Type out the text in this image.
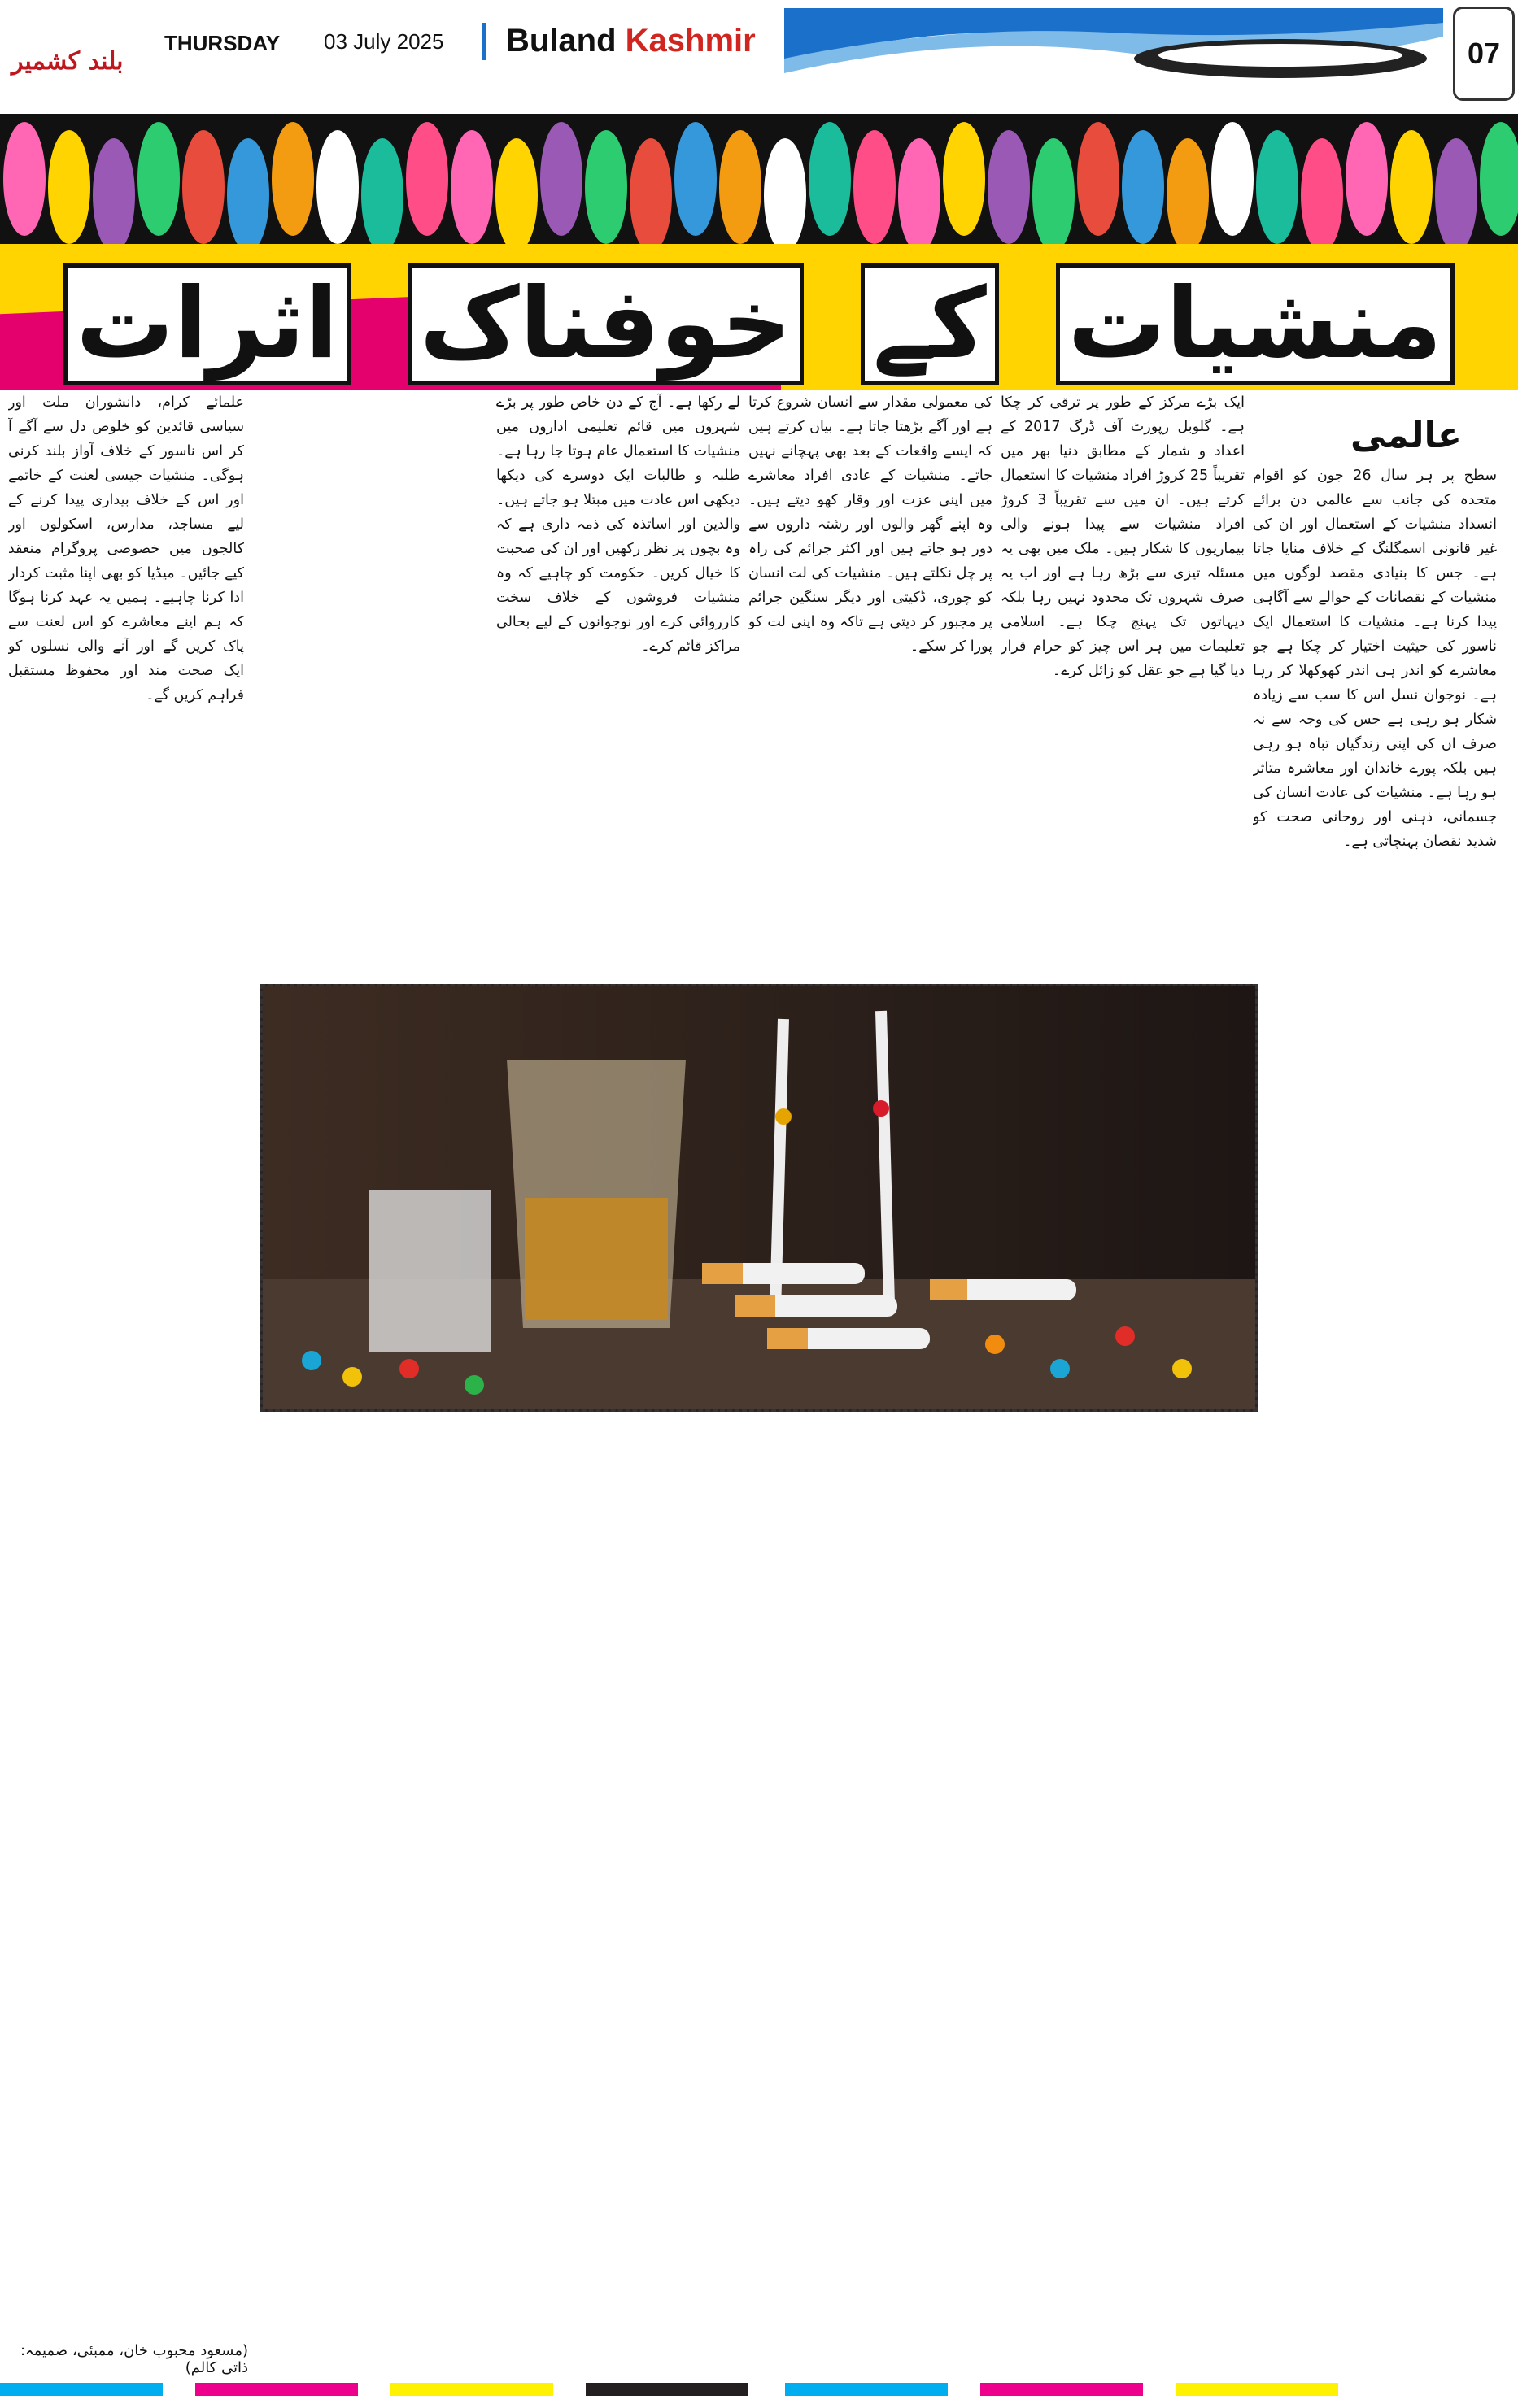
بلند کشمیر
THURSDAY 03 July 2025 Buland Kashmir	07
منشیات کے خوفناک اثرات
عالمی

سطح پر ہر سال 26 جون کو اقوام متحدہ کی جانب سے عالمی دن برائے انسداد منشیات کے استعمال اور ان کی غیر قانونی اسمگلنگ کے خلاف منایا جاتا ہے۔ جس کا بنیادی مقصد لوگوں میں منشیات کے نقصانات کے حوالے سے آگاہی پیدا کرنا ہے۔ منشیات کا استعمال ایک ناسور کی حیثیت اختیار کر چکا ہے جو معاشرے کو اندر ہی اندر کھوکھلا کر رہا ہے۔ نوجوان نسل اس کا سب سے زیادہ شکار ہو رہی ہے جس کی وجہ سے نہ صرف ان کی اپنی زندگیاں تباہ ہو رہی ہیں بلکہ پورے خاندان اور معاشرہ متاثر ہو رہا ہے۔ منشیات کی عادت انسان کی جسمانی، ذہنی اور روحانی صحت کو شدید نقصان پہنچاتی ہے۔

ایک بڑے مرکز کے طور پر ترقی کر چکا ہے۔ گلوبل رپورٹ آف ڈرگ 2017 کے اعداد و شمار کے مطابق دنیا بھر میں تقریباً 25 کروڑ افراد منشیات کا استعمال کرتے ہیں۔ ان میں سے تقریباً 3 کروڑ افراد منشیات سے پیدا ہونے والی بیماریوں کا شکار ہیں۔ ملک میں بھی یہ مسئلہ تیزی سے بڑھ رہا ہے اور اب یہ صرف شہروں تک محدود نہیں رہا بلکہ دیہاتوں تک پہنچ چکا ہے۔ اسلامی تعلیمات میں ہر اس چیز کو حرام قرار دیا گیا ہے جو عقل کو زائل کرے۔

کی معمولی مقدار سے انسان شروع کرتا ہے اور آگے بڑھتا جاتا ہے۔ بیان کرتے ہیں کہ ایسے واقعات کے بعد بھی پہچانے نہیں جاتے۔ منشیات کے عادی افراد معاشرے میں اپنی عزت اور وقار کھو دیتے ہیں۔ وہ اپنے گھر والوں اور رشتہ داروں سے دور ہو جاتے ہیں اور اکثر جرائم کی راہ پر چل نکلتے ہیں۔ منشیات کی لت انسان کو چوری، ڈکیتی اور دیگر سنگین جرائم پر مجبور کر دیتی ہے تاکہ وہ اپنی لت کو پورا کر سکے۔

لے رکھا ہے۔ آج کے دن خاص طور پر بڑے شہروں میں قائم تعلیمی اداروں میں منشیات کا استعمال عام ہوتا جا رہا ہے۔ طلبہ و طالبات ایک دوسرے کی دیکھا دیکھی اس عادت میں مبتلا ہو جاتے ہیں۔ والدین اور اساتذہ کی ذمہ داری ہے کہ وہ بچوں پر نظر رکھیں اور ان کی صحبت کا خیال کریں۔ حکومت کو چاہیے کہ وہ منشیات فروشوں کے خلاف سخت کارروائی کرے اور نوجوانوں کے لیے بحالی مراکز قائم کرے۔

علمائے کرام، دانشوران ملت اور سیاسی قائدین کو خلوص دل سے آگے آ کر اس ناسور کے خلاف آواز بلند کرنی ہوگی۔ منشیات جیسی لعنت کے خاتمے اور اس کے خلاف بیداری پیدا کرنے کے لیے مساجد، مدارس، اسکولوں اور کالجوں میں خصوصی پروگرام منعقد کیے جائیں۔ میڈیا کو بھی اپنا مثبت کردار ادا کرنا چاہیے۔ ہمیں یہ عہد کرنا ہوگا کہ ہم اپنے معاشرے کو اس لعنت سے پاک کریں گے اور آنے والی نسلوں کو ایک صحت مند اور محفوظ مستقبل فراہم کریں گے۔

(مسعود محبوب خان، ممبئی، ضمیمہ: ذاتی کالم)
